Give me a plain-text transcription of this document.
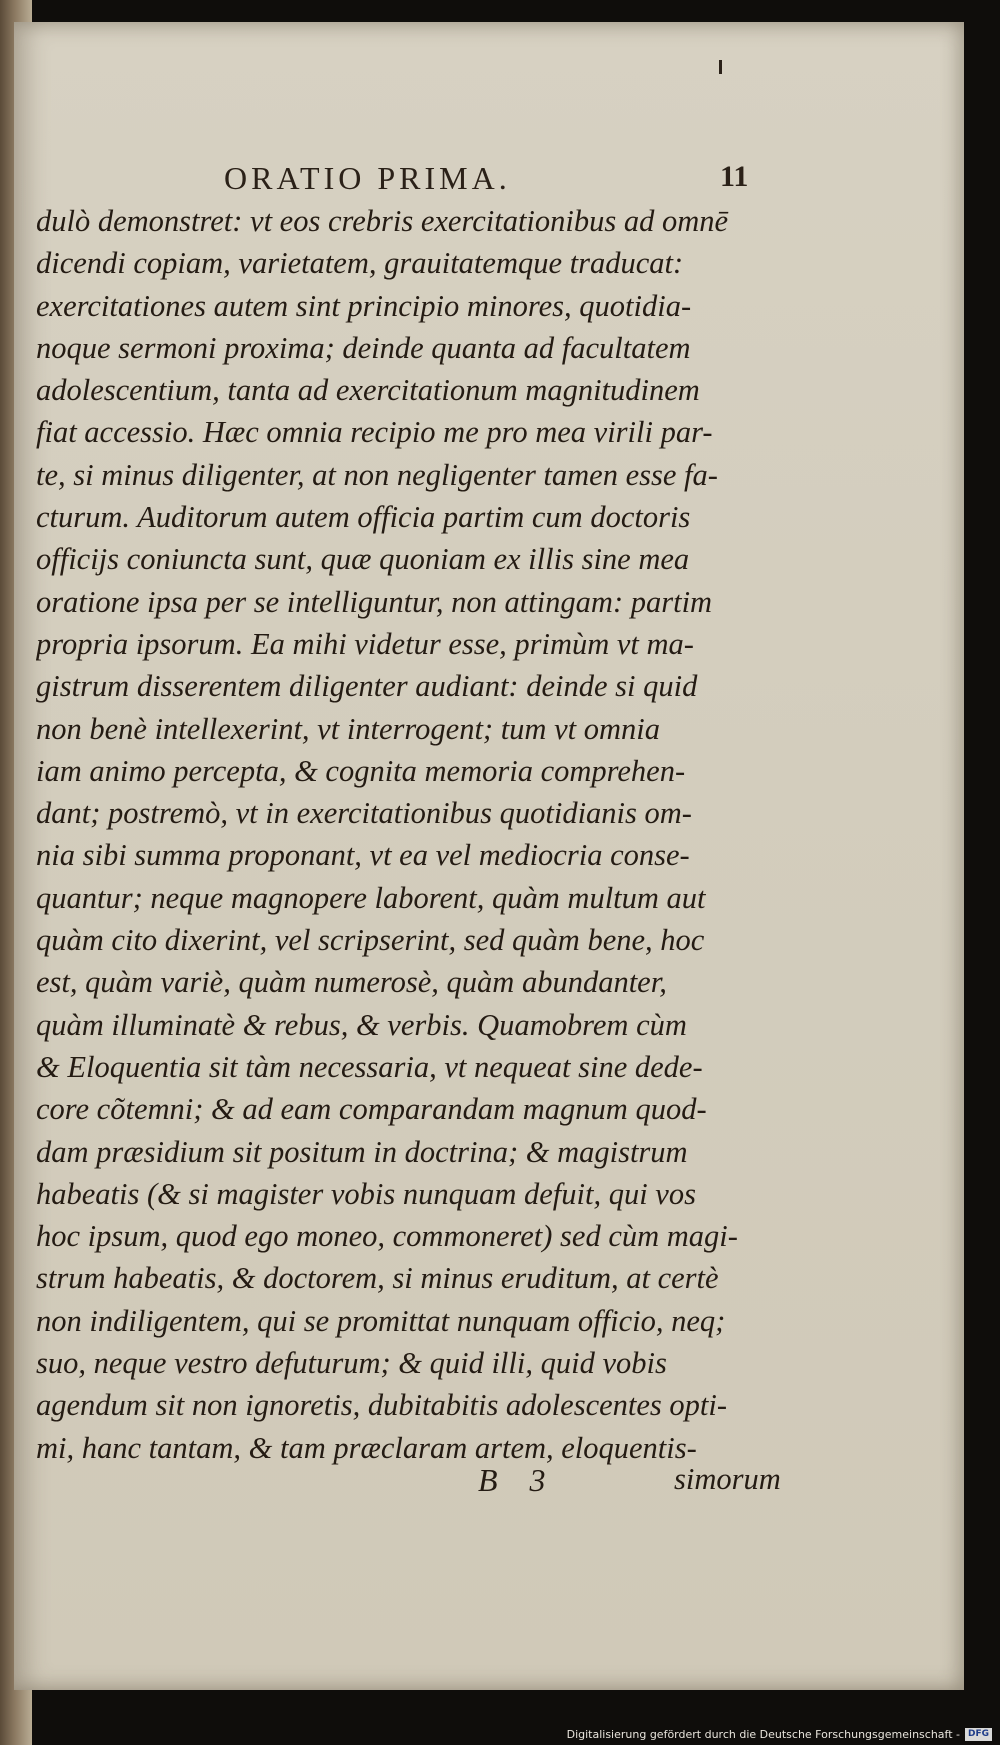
ORATIO PRIMA.	11
dulò demonstret: vt eos crebris exercitationibus ad omnē
dicendi copiam, varietatem, grauitatemque traducat:
exercitationes autem sint principio minores, quotidia-
noque sermoni proxima; deinde quanta ad facultatem
adolescentium, tanta ad exercitationum magnitudinem
fiat accessio. Hæc omnia recipio me pro mea virili par-
te, si minus diligenter, at non negligenter tamen esse fa-
cturum. Auditorum autem officia partim cum doctoris
officijs coniuncta sunt, quæ quoniam ex illis sine mea
oratione ipsa per se intelliguntur, non attingam: partim
propria ipsorum. Ea mihi videtur esse, primùm vt ma-
gistrum disserentem diligenter audiant: deinde si quid
non benè intellexerint, vt interrogent; tum vt omnia
iam animo percepta, & cognita memoria comprehen-
dant; postremò, vt in exercitationibus quotidianis om-
nia sibi summa proponant, vt ea vel mediocria conse-
quantur; neque magnopere laborent, quàm multum aut
quàm cito dixerint, vel scripserint, sed quàm bene, hoc
est, quàm variè, quàm numerosè, quàm abundanter,
quàm illuminatè & rebus, & verbis. Quamobrem cùm
& Eloquentia sit tàm necessaria, vt nequeat sine dede-
core cõtemni; & ad eam comparandam magnum quod-
dam præsidium sit positum in doctrina; & magistrum
habeatis (& si magister vobis nunquam defuit, qui vos
hoc ipsum, quod ego moneo, commoneret) sed cùm magi-
strum habeatis, & doctorem, si minus eruditum, at certè
non indiligentem, qui se promittat nunquam officio, neq;
suo, neque vestro defuturum; & quid illi, quid vobis
agendum sit non ignoretis, dubitabitis adolescentes opti-
mi, hanc tantam, & tam præclaram artem, eloquentis-
B 3	simorum
Digitalisierung gefördert durch die Deutsche Forschungsgemeinschaft - DFG
